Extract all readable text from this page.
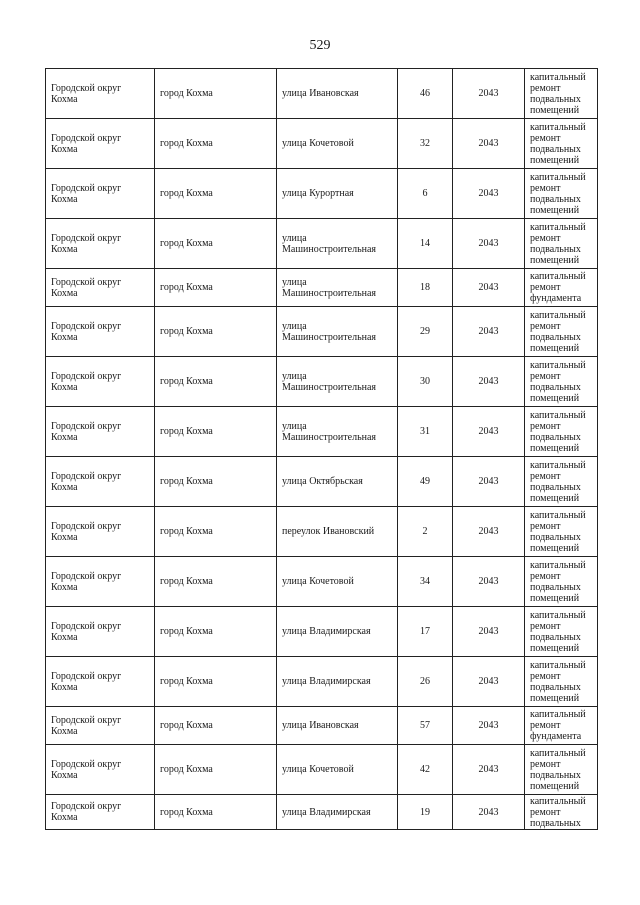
529
Городской округ Кохма	город Кохма	улица Ивановская	46	2043	капитальный ремонт подвальных помещений

Городской округ Кохма	город Кохма	улица Кочетовой	32	2043	капитальный ремонт подвальных помещений

Городской округ Кохма	город Кохма	улица Курортная	6	2043	капитальный ремонт подвальных помещений

Городской округ Кохма	город Кохма	улица Машиностроительная	14	2043	капитальный ремонт подвальных помещений

Городской округ Кохма	город Кохма	улица Машиностроительная	18	2043	капитальный ремонт фундамента

Городской округ Кохма	город Кохма	улица Машиностроительная	29	2043	капитальный ремонт подвальных помещений

Городской округ Кохма	город Кохма	улица Машиностроительная	30	2043	капитальный ремонт подвальных помещений

Городской округ Кохма	город Кохма	улица Машиностроительная	31	2043	капитальный ремонт подвальных помещений

Городской округ Кохма	город Кохма	улица Октябрьская	49	2043	капитальный ремонт подвальных помещений

Городской округ Кохма	город Кохма	переулок Ивановский	2	2043	капитальный ремонт подвальных помещений

Городской округ Кохма	город Кохма	улица Кочетовой	34	2043	капитальный ремонт подвальных помещений

Городской округ Кохма	город Кохма	улица Владимирская	17	2043	капитальный ремонт подвальных помещений

Городской округ Кохма	город Кохма	улица Владимирская	26	2043	капитальный ремонт подвальных помещений

Городской округ Кохма	город Кохма	улица Ивановская	57	2043	капитальный ремонт фундамента

Городской округ Кохма	город Кохма	улица Кочетовой	42	2043	капитальный ремонт подвальных помещений

Городской округ Кохма	город Кохма	улица Владимирская	19	2043	капитальный ремонт подвальных
